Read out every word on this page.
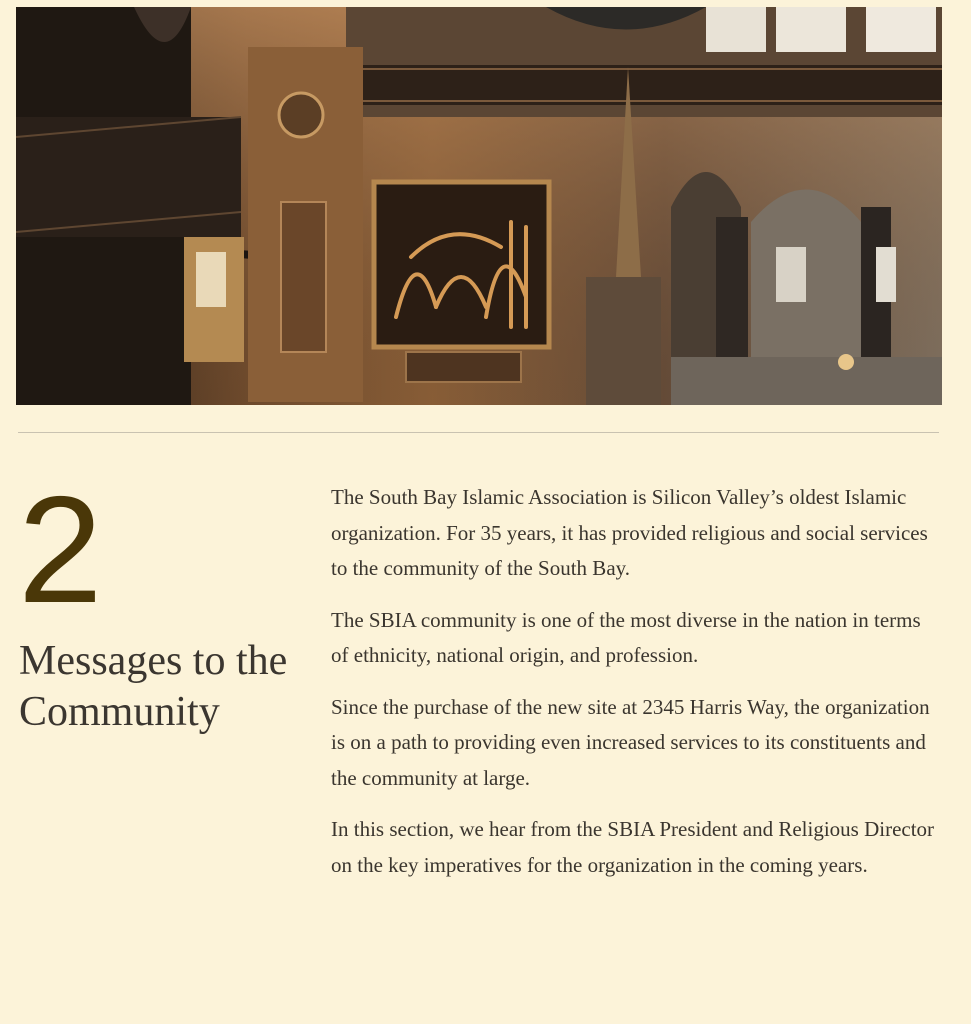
2
Messages to the Community

The South Bay Islamic Association is Silicon Valley’s oldest Islamic organization. For 35 years, it has provided religious and social services to the community of the South Bay.

The SBIA community is one of the most diverse in the nation in terms of ethnicity, national origin, and profession.

Since the purchase of the new site at 2345 Harris Way, the organization is on a path to providing even increased services to its constituents and the community at large.

In this section, we hear from the SBIA President and Religious Director on the key imperatives for the organization in the coming years.
